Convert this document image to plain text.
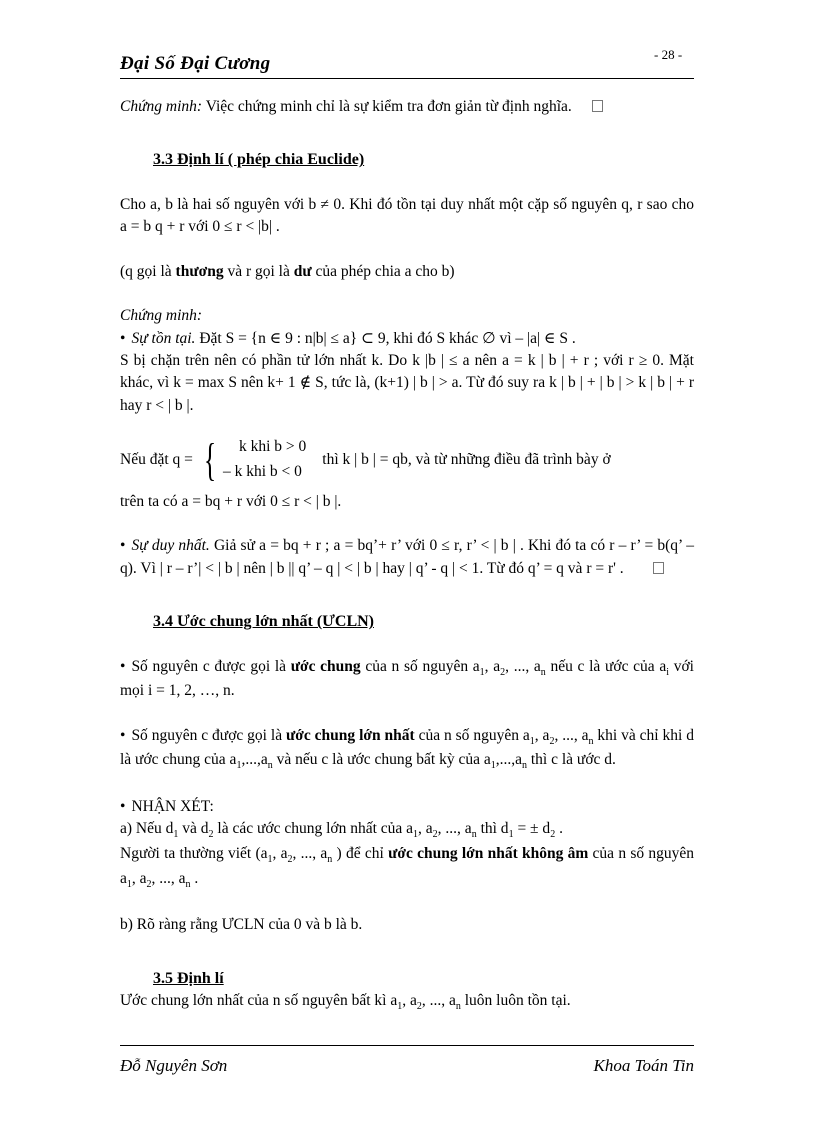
Đại Số Đại Cương	- 28 -

Chứng minh: Việc chứng minh chỉ là sự kiểm tra đơn giản từ định nghĩa.

3.3 Định lí ( phép chia Euclide)

Cho a, b là hai số nguyên với b ≠ 0. Khi đó tồn tại duy nhất một cặp số nguyên q, r sao cho a = b q + r với 0 ≤ r < |b| .

(q gọi là thương và r gọi là dư của phép chia a cho b)

Chứng minh:

• Sự tồn tại. Đặt S = {n ∈ 9 : n|b| ≤ a} ⊂ 9, khi đó S khác ∅ vì – |a| ∈ S .

S bị chặn trên nên có phần tử lớn nhất k. Do k |b | ≤ a nên a = k | b | + r ; với r ≥ 0. Mặt khác, vì k = max S nên k+ 1 ∉ S, tức là, (k+1) | b | > a. Từ đó suy ra k | b | + | b | > k | b | + r hay r < | b |.

Nếu đặt q = {	k khi b > 0
– k khi b < 0
thì k | b | = qb, và từ những điều đã trình bày ở

trên ta có a = bq + r với 0 ≤ r < | b |.

• Sự duy nhất. Giả sử a = bq + r ; a = bq’+ r’ với 0 ≤ r, r’ < | b | . Khi đó ta có r – r’ = b(q’ – q). Vì | r – r’| < | b | nên | b || q’ – q | < | b | hay | q’ - q | < 1. Từ đó q’ = q và r = r' .

3.4 Ước chung lớn nhất (ƯCLN)

• Số nguyên c được gọi là ước chung của n số nguyên $a_1$, $a_2$, ..., $a_n$ nếu c là ước của $a_i$ với mọi i = 1, 2, …, n.

• Số nguyên c được gọi là ước chung lớn nhất của n số nguyên $a_1$, $a_2$, ..., $a_n$ khi và chỉ khi d là ước chung của $a_1,...,a_n$ và nếu c là ước chung bất kỳ của $a_1,...,a_n$ thì c là ước d.

• NHẬN XÉT:

a) Nếu $d_1$ và $d_2$ là các ước chung lớn nhất của $a_1$, $a_2$, ..., $a_n$ thì $d_1$ = ± $d_2$ .

Người ta thường viết ($a_1$, $a_2$, ..., $a_n$ ) để chỉ ước chung lớn nhất không âm của n số nguyên $a_1$, $a_2$, ..., $a_n$ .

b) Rõ ràng rằng ƯCLN của 0 và b là b.

3.5 Định lí

Ước chung lớn nhất của n số nguyên bất kì $a_1$, $a_2$, ..., $a_n$ luôn luôn tồn tại.

Đỗ Nguyên Sơn	Khoa Toán Tin
